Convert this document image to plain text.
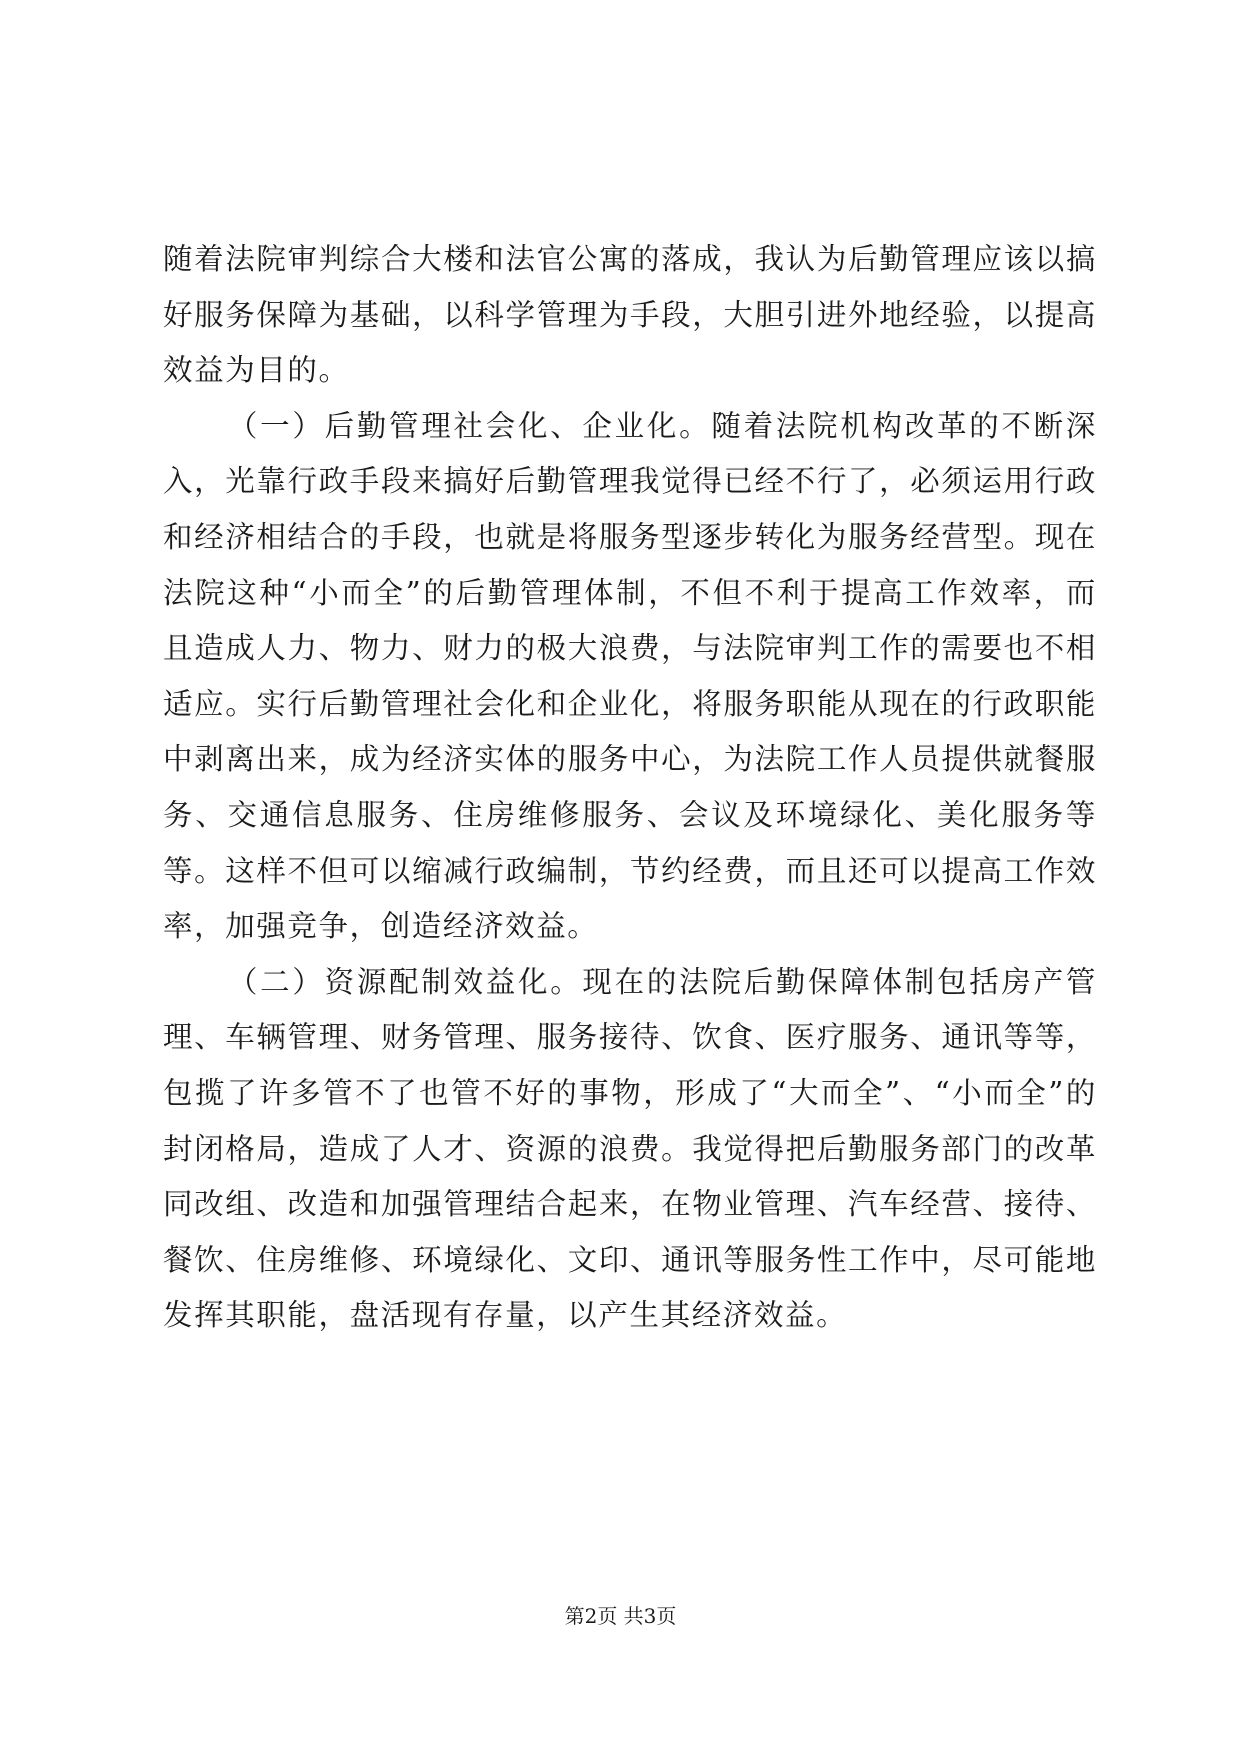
随着法院审判综合大楼和法官公寓的落成，我认为后勤管理应该以搞好服务保障为基础，以科学管理为手段，大胆引进外地经验，以提高效益为目的。

（一）后勤管理社会化、企业化。随着法院机构改革的不断深入，光靠行政手段来搞好后勤管理我觉得已经不行了，必须运用行政和经济相结合的手段，也就是将服务型逐步转化为服务经营型。现在法院这种“小而全”的后勤管理体制，不但不利于提高工作效率，而且造成人力、物力、财力的极大浪费，与法院审判工作的需要也不相适应。实行后勤管理社会化和企业化，将服务职能从现在的行政职能中剥离出来，成为经济实体的服务中心，为法院工作人员提供就餐服务、交通信息服务、住房维修服务、会议及环境绿化、美化服务等等。这样不但可以缩减行政编制，节约经费，而且还可以提高工作效率，加强竞争，创造经济效益。

（二）资源配制效益化。现在的法院后勤保障体制包括房产管理、车辆管理、财务管理、服务接待、饮食、医疗服务、通讯等等，包揽了许多管不了也管不好的事物，形成了“大而全”、“小而全”的封闭格局，造成了人才、资源的浪费。我觉得把后勤服务部门的改革同改组、改造和加强管理结合起来，在物业管理、汽车经营、接待、餐饮、住房维修、环境绿化、文印、通讯等服务性工作中，尽可能地发挥其职能，盘活现有存量，以产生其经济效益。

第2页 共3页
